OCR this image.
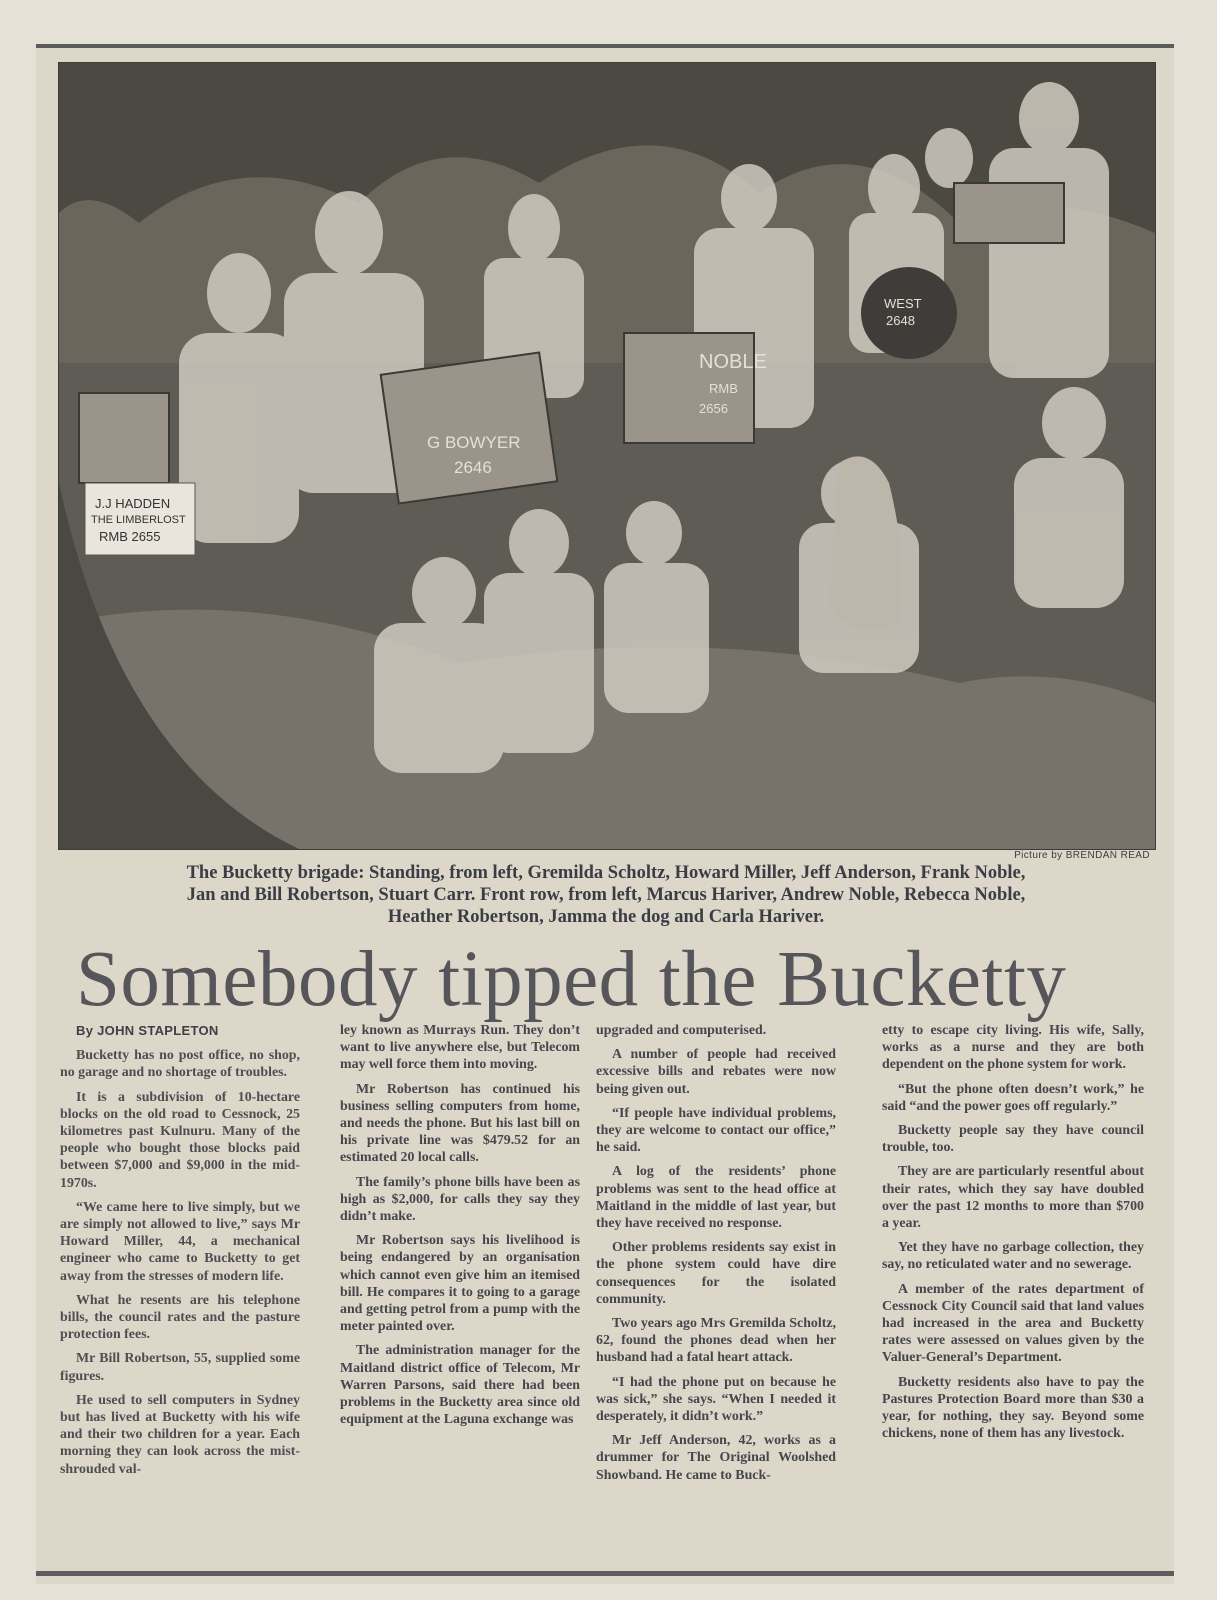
J.J HADDEN
THE LIMBERLOST
RMB 2655
G BOWYER
2646
NOBLE
RMB
2656
WEST
2648
Picture by BRENDAN READ
The Bucketty brigade: Standing, from left, Gremilda Scholtz, Howard Miller, Jeff Anderson, Frank Noble,
Jan and Bill Robertson, Stuart Carr. Front row, from left, Marcus Hariver, Andrew Noble, Rebecca Noble,
Heather Robertson, Jamma the dog and Carla Hariver.
Somebody tipped the Bucketty
By JOHN STAPLETON

Bucketty has no post office, no shop, no garage and no shortage of troubles.

It is a subdivision of 10-hectare blocks on the old road to Cessnock, 25 kilometres past Kulnuru. Many of the people who bought those blocks paid between $7,000 and $9,000 in the mid-1970s.

“We came here to live simply, but we are simply not allowed to live,” says Mr Howard Miller, 44, a mechanical engineer who came to Bucketty to get away from the stresses of modern life.

What he resents are his telephone bills, the council rates and the pasture protection fees.

Mr Bill Robertson, 55, supplied some figures.

He used to sell computers in Sydney but has lived at Bucketty with his wife and their two children for a year. Each morning they can look across the mist-shrouded val-

ley known as Murrays Run. They don’t want to live anywhere else, but Telecom may well force them into moving.

Mr Robertson has continued his business selling computers from home, and needs the phone. But his last bill on his private line was $479.52 for an estimated 20 local calls.

The family’s phone bills have been as high as $2,000, for calls they say they didn’t make.

Mr Robertson says his livelihood is being endangered by an organisation which cannot even give him an itemised bill. He compares it to going to a garage and getting petrol from a pump with the meter painted over.

The administration manager for the Maitland district office of Telecom, Mr Warren Parsons, said there had been problems in the Bucketty area since old equipment at the Laguna exchange was

upgraded and computerised.

A number of people had received excessive bills and rebates were now being given out.

“If people have individual problems, they are welcome to contact our office,” he said.

A log of the residents’ phone problems was sent to the head office at Maitland in the middle of last year, but they have received no response.

Other problems residents say exist in the phone system could have dire consequences for the isolated community.

Two years ago Mrs Gremilda Scholtz, 62, found the phones dead when her husband had a fatal heart attack.

“I had the phone put on because he was sick,” she says. “When I needed it desperately, it didn’t work.”

Mr Jeff Anderson, 42, works as a drummer for The Original Woolshed Showband. He came to Buck-

etty to escape city living. His wife, Sally, works as a nurse and they are both dependent on the phone system for work.

“But the phone often doesn’t work,” he said “and the power goes off regularly.”

Bucketty people say they have council trouble, too.

They are are particularly resentful about their rates, which they say have doubled over the past 12 months to more than $700 a year.

Yet they have no garbage collection, they say, no reticulated water and no sewerage.

A member of the rates department of Cessnock City Council said that land values had increased in the area and Bucketty rates were assessed on values given by the Valuer-General’s Department.

Bucketty residents also have to pay the Pastures Protection Board more than $30 a year, for nothing, they say. Beyond some chickens, none of them has any livestock.
